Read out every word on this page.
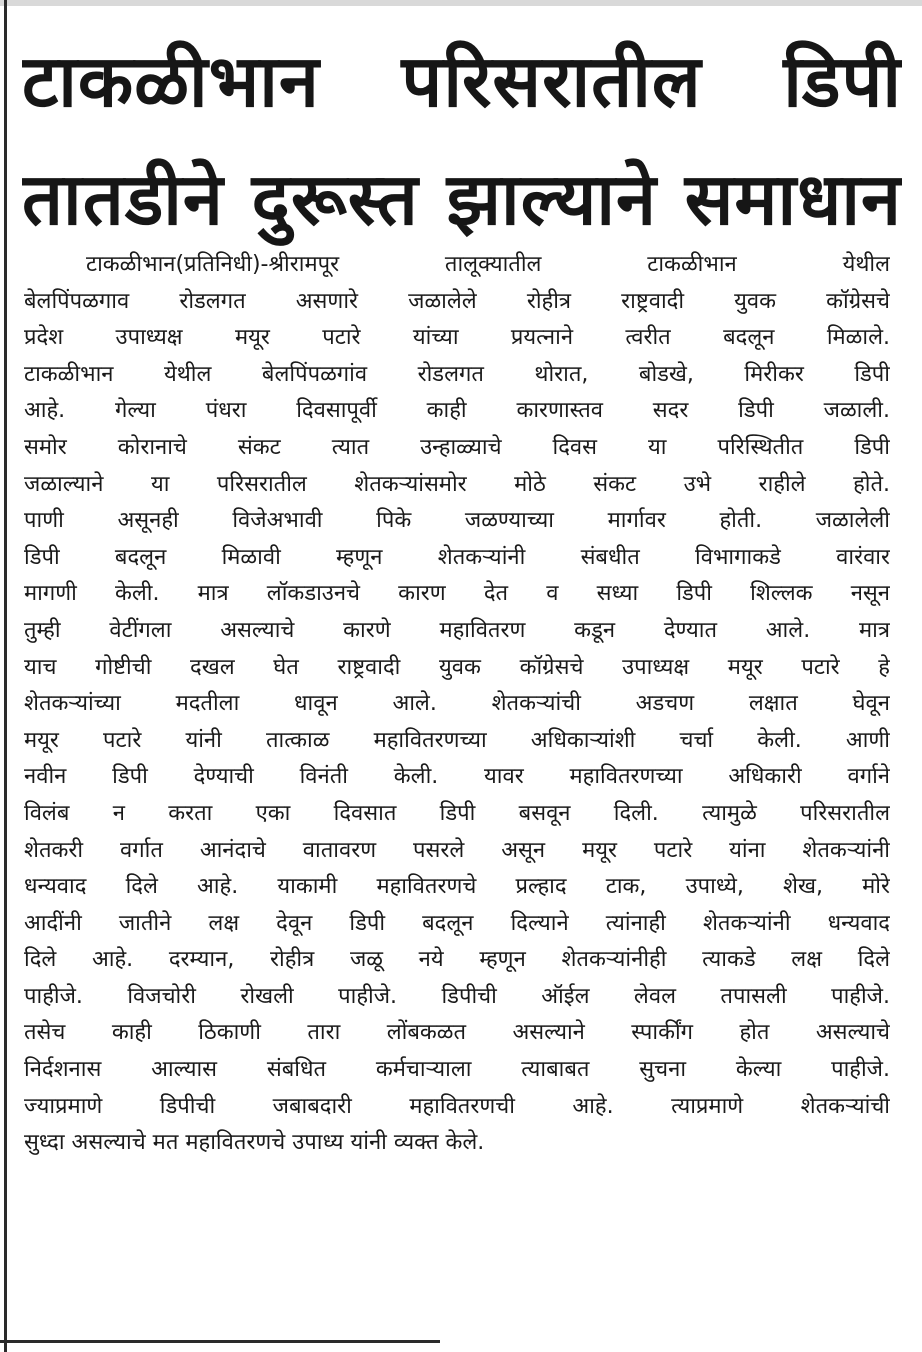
टाकळीभान परिसरातील डिपी
तातडीने दुरूस्त झाल्याने समाधान
टाकळीभान(प्रतिनिधी)-श्रीरामपूर तालूक्यातील टाकळीभान येथील
बेलपिंपळगाव रोडलगत असणारे जळालेले रोहीत्र राष्ट्रवादी युवक कॉग्रेसचे
प्रदेश उपाध्यक्ष मयूर पटारे यांच्या प्रयत्नाने त्वरीत बदलून मिळाले.
टाकळीभान येथील बेलपिंपळगांव रोडलगत थोरात, बोडखे, मिरीकर डिपी
आहे. गेल्या पंधरा दिवसापूर्वी काही कारणास्तव सदर डिपी जळाली.
समोर कोरानाचे संकट त्यात उन्हाळ्याचे दिवस या परिस्थितीत डिपी
जळाल्याने या परिसरातील शेतकर्‍यांसमोर मोठे संकट उभे राहीले होते.
पाणी असूनही विजेअभावी पिके जळण्याच्या मार्गावर होती. जळालेली
डिपी बदलून मिळावी म्हणून शेतकर्‍यांनी संबधीत विभागाकडे वारंवार
मागणी केली. मात्र लॉकडाउनचे कारण देत व सध्या डिपी शिल्लक नसून
तुम्ही वेटींगला असल्याचे कारणे महावितरण कडून देण्यात आले. मात्र
याच गोष्टीची दखल घेत राष्ट्रवादी युवक कॉग्रेसचे उपाध्यक्ष मयूर पटारे हे
शेतकर्‍यांच्या मदतीला धावून आले. शेतकर्‍यांची अडचण लक्षात घेवून
मयूर पटारे यांनी तात्काळ महावितरणच्या अधिकार्‍यांशी चर्चा केली. आणी
नवीन डिपी देण्याची विनंती केली. यावर महावितरणच्या अधिकारी वर्गाने
विलंब न करता एका दिवसात डिपी बसवून दिली. त्यामुळे परिसरातील
शेतकरी वर्गात आनंदाचे वातावरण पसरले असून मयूर पटारे यांना शेतकर्‍यांनी
धन्यवाद दिले आहे. याकामी महावितरणचे प्रल्हाद टाक, उपाध्ये, शेख, मोरे
आदींनी जातीने लक्ष देवून डिपी बदलून दिल्याने त्यांनाही शेतकर्‍यांनी धन्यवाद
दिले आहे. दरम्यान, रोहीत्र जळू नये म्हणून शेतकर्‍यांनीही त्याकडे लक्ष दिले
पाहीजे. विजचोरी रोखली पाहीजे. डिपीची ऑईल लेवल तपासली पाहीजे.
तसेच काही ठिकाणी तारा लोंबकळत असल्याने स्पार्कींग होत असल्याचे
निर्दशनास आल्यास संबधित कर्मचार्‍याला त्याबाबत सुचना केल्या पाहीजे.
ज्याप्रमाणे डिपीची जबाबदारी महावितरणची आहे. त्याप्रमाणे शेतकर्‍यांची
सुध्दा असल्याचे मत महावितरणचे उपाध्य यांनी व्यक्त केले.
